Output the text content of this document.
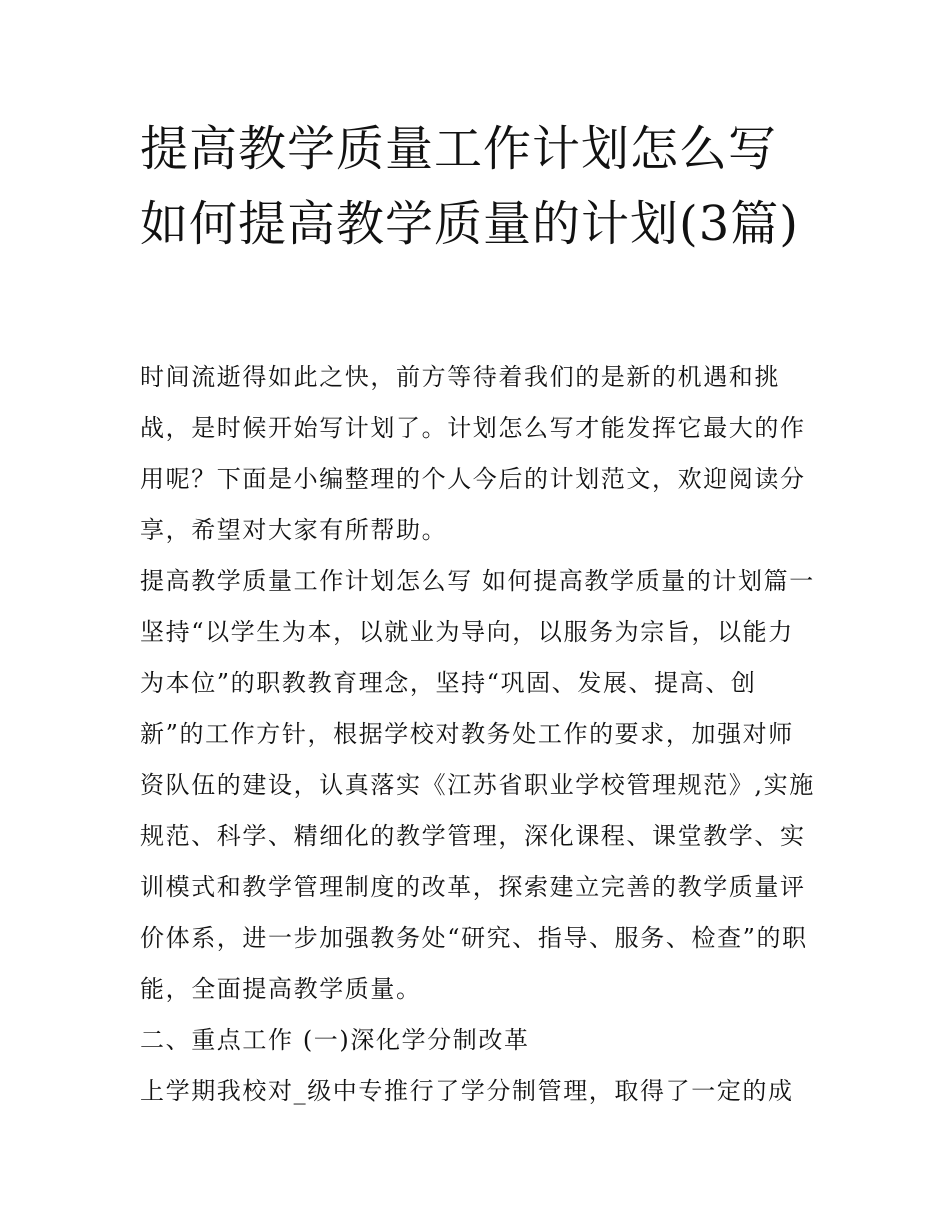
提高教学质量工作计划怎么写 如何提高教学质量的计划(3篇)

时间流逝得如此之快，前方等待着我们的是新的机遇和挑战，是时候开始写计划了。计划怎么写才能发挥它最大的作用呢？下面是小编整理的个人今后的计划范文，欢迎阅读分享，希望对大家有所帮助。

提高教学质量工作计划怎么写 如何提高教学质量的计划篇一

坚持“以学生为本，以就业为导向，以服务为宗旨，以能力为本位”的职教教育理念，坚持“巩固、发展、提高、创新”的工作方针，根据学校对教务处工作的要求，加强对师资队伍的建设，认真落实《江苏省职业学校管理规范》,实施规范、科学、精细化的教学管理，深化课程、课堂教学、实训模式和教学管理制度的改革，探索建立完善的教学质量评价体系，进一步加强教务处“研究、指导、服务、检查”的职能，全面提高教学质量。

二、重点工作 (一)深化学分制改革

上学期我校对_级中专推行了学分制管理，取得了一定的成
